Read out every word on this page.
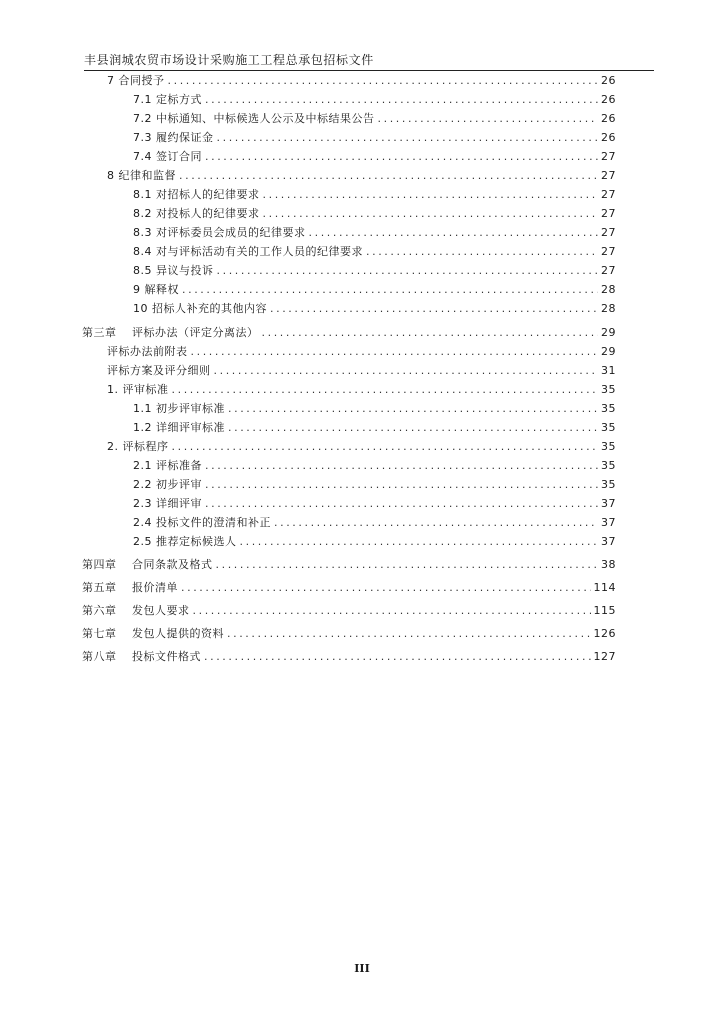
丰县润城农贸市场设计采购施工工程总承包招标文件
7 合同授予 .....	26
7.1 定标方式 .....	26
7.2 中标通知、中标候选人公示及中标结果公告 .....	26
7.3 履约保证金 .....	26
7.4 签订合同 .....	27
8 纪律和监督 .....	27
8.1 对招标人的纪律要求 .....	27
8.2 对投标人的纪律要求 .....	27
8.3 对评标委员会成员的纪律要求 .....	27
8.4 对与评标活动有关的工作人员的纪律要求 .....	27
8.5 异议与投诉 .....	27
9 解释权 .....	28
10 招标人补充的其他内容 .....	28
第三章 评标办法（评定分离法） .....	29
评标办法前附表 .....	29
评标方案及评分细则 .....	31
1. 评审标准 .....	35
1.1 初步评审标准 .....	35
1.2 详细评审标准 .....	35
2. 评标程序 .....	35
2.1 评标准备 .....	35
2.2 初步评审 .....	35
2.3 详细评审 .....	37
2.4 投标文件的澄清和补正 .....	37
2.5 推荐定标候选人 .....	37
第四章 合同条款及格式 .....	38
第五章 报价清单 .....	114
第六章 发包人要求 .....	115
第七章 发包人提供的资料 .....	126
第八章 投标文件格式 .....	127
III
